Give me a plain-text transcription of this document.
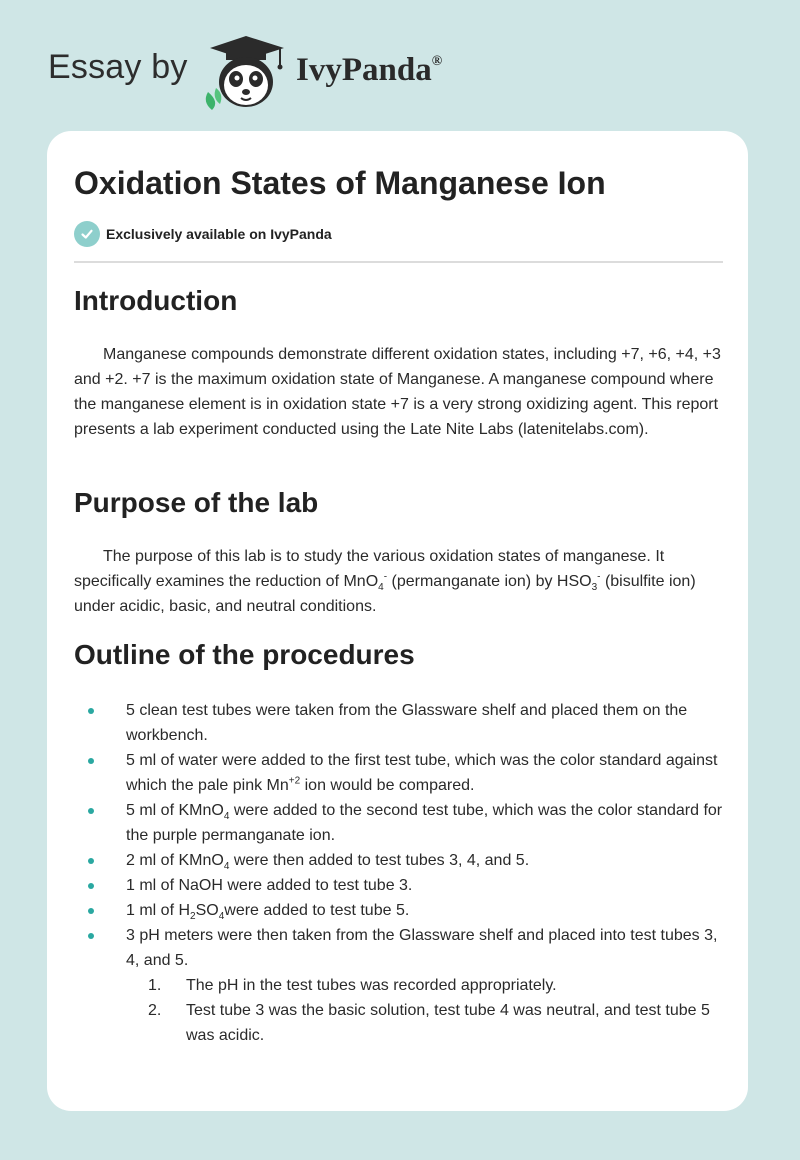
Essay by	IvyPanda®
Oxidation States of Manganese Ion
Exclusively available on IvyPanda
Introduction

Manganese compounds demonstrate different oxidation states, including +7, +6, +4, +3 and +2. +7 is the maximum oxidation state of Manganese. A manganese compound where the manganese element is in oxidation state +7 is a very strong oxidizing agent. This report presents a lab experiment conducted using the Late Nite Labs (latenitelabs.com).

Purpose of the lab

The purpose of this lab is to study the various oxidation states of manganese. It specifically examines the reduction of MnO$_4$- (permanganate ion) by $HSO_3^-$ (bisulfite ion) under acidic, basic, and neutral conditions.

Outline of the procedures
5 clean test tubes were taken from the Glassware shelf and placed them on the workbench.
5 ml of water were added to the first test tube, which was the color standard against which the pale pink $Mn^{+2}$ ion would be compared.
5 ml of KMnO$_4$ were added to the second test tube, which was the color standard for the purple permanganate ion.
2 ml of KMnO$_4$ were then added to test tubes 3, 4, and 5.
1 ml of NaOH were added to test tube 3.
1 ml of $H_2SO_4were$ added to test tube 5.
3 pH meters were then taken from the Glassware shelf and placed into test tubes 3, 4, and 5.
1. The pH in the test tubes was recorded appropriately.
2. Test tube 3 was the basic solution, test tube 4 was neutral, and test tube 5 was acidic.
